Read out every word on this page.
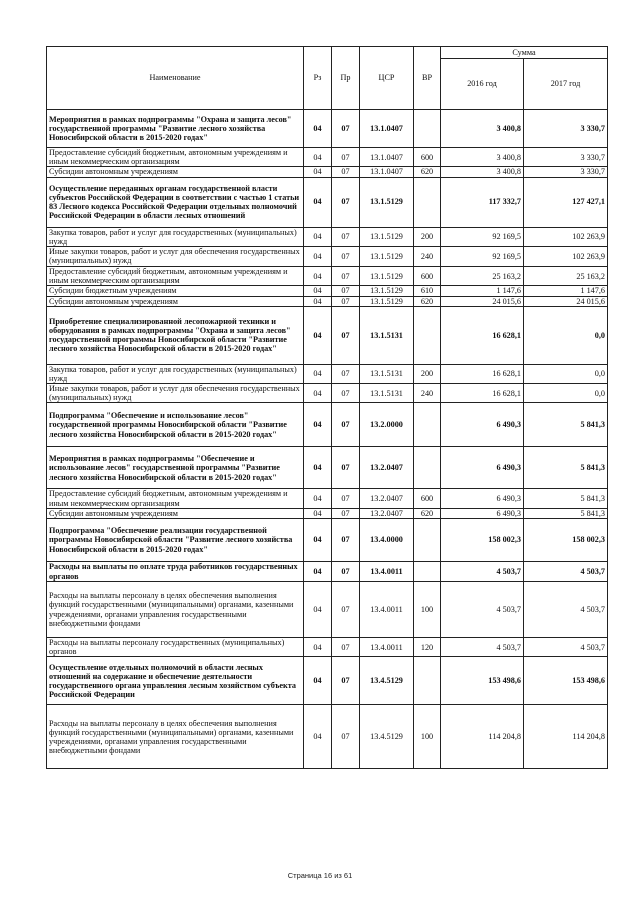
Наименование	Рз	Пр	ЦСР	ВР	Сумма	
					2016 год	2017 год
Мероприятия в рамках подпрограммы "Охрана и защита лесов" государственной программы "Развитие лесного хозяйства Новосибирской области в 2015-2020 годах"	04	07	13.1.0407		3 400,8	3 330,7
Предоставление субсидий бюджетным, автономным учреждениям и иным некоммерческим организациям	04	07	13.1.0407	600	3 400,8	3 330,7
Субсидии автономным учреждениям	04	07	13.1.0407	620	3 400,8	3 330,7
Осуществление переданных органам государственной власти субъектов Российской Федерации в соответствии с частью 1 статьи 83 Лесного кодекса Российской Федерации отдельных полномочий Российской Федерации в области лесных отношений	04	07	13.1.5129		117 332,7	127 427,1
Закупка товаров, работ и услуг для государственных (муниципальных) нужд	04	07	13.1.5129	200	92 169,5	102 263,9
Иные закупки товаров, работ и услуг для обеспечения государственных (муниципальных) нужд	04	07	13.1.5129	240	92 169,5	102 263,9
Предоставление субсидий бюджетным, автономным учреждениям и иным некоммерческим организациям	04	07	13.1.5129	600	25 163,2	25 163,2
Субсидии бюджетным учреждениям	04	07	13.1.5129	610	1 147,6	1 147,6
Субсидии автономным учреждениям	04	07	13.1.5129	620	24 015,6	24 015,6
Приобретение специализированной лесопожарной техники и оборудования в рамках подпрограммы "Охрана и защита лесов" государственной программы Новосибирской области "Развитие лесного хозяйства Новосибирской области в 2015-2020 годах"	04	07	13.1.5131		16 628,1	0,0
Закупка товаров, работ и услуг для государственных (муниципальных) нужд	04	07	13.1.5131	200	16 628,1	0,0
Иные закупки товаров, работ и услуг для обеспечения государственных (муниципальных) нужд	04	07	13.1.5131	240	16 628,1	0,0
Подпрограмма "Обеспечение и использование лесов" государственной программы Новосибирской области "Развитие лесного хозяйства Новосибирской области в 2015-2020 годах"	04	07	13.2.0000		6 490,3	5 841,3
Мероприятия в рамках подпрограммы "Обеспечение и использование лесов" государственной программы "Развитие лесного хозяйства Новосибирской области в 2015-2020 годах"	04	07	13.2.0407		6 490,3	5 841,3
Предоставление субсидий бюджетным, автономным учреждениям и иным некоммерческим организациям	04	07	13.2.0407	600	6 490,3	5 841,3
Субсидии автономным учреждениям	04	07	13.2.0407	620	6 490,3	5 841,3
Подпрограмма "Обеспечение реализации государственной программы Новосибирской области "Развитие лесного хозяйства Новосибирской области в 2015-2020 годах"	04	07	13.4.0000		158 002,3	158 002,3
Расходы на выплаты по оплате труда работников государственных органов	04	07	13.4.0011		4 503,7	4 503,7
Расходы на выплаты персоналу в целях обеспечения выполнения функций государственными (муниципальными) органами, казенными учреждениями, органами управления государственными внебюджетными фондами	04	07	13.4.0011	100	4 503,7	4 503,7
Расходы на выплаты персоналу государственных (муниципальных) органов	04	07	13.4.0011	120	4 503,7	4 503,7
Осуществление отдельных полномочий в области лесных отношений на содержание и обеспечение деятельности государственного органа управления лесным хозяйством субъекта Российской Федерации	04	07	13.4.5129		153 498,6	153 498,6
Расходы на выплаты персоналу в целях обеспечения выполнения функций государственными (муниципальными) органами, казенными учреждениями, органами управления государственными внебюджетными фондами	04	07	13.4.5129	100	114 204,8	114 204,8
Страница 16 из 61
